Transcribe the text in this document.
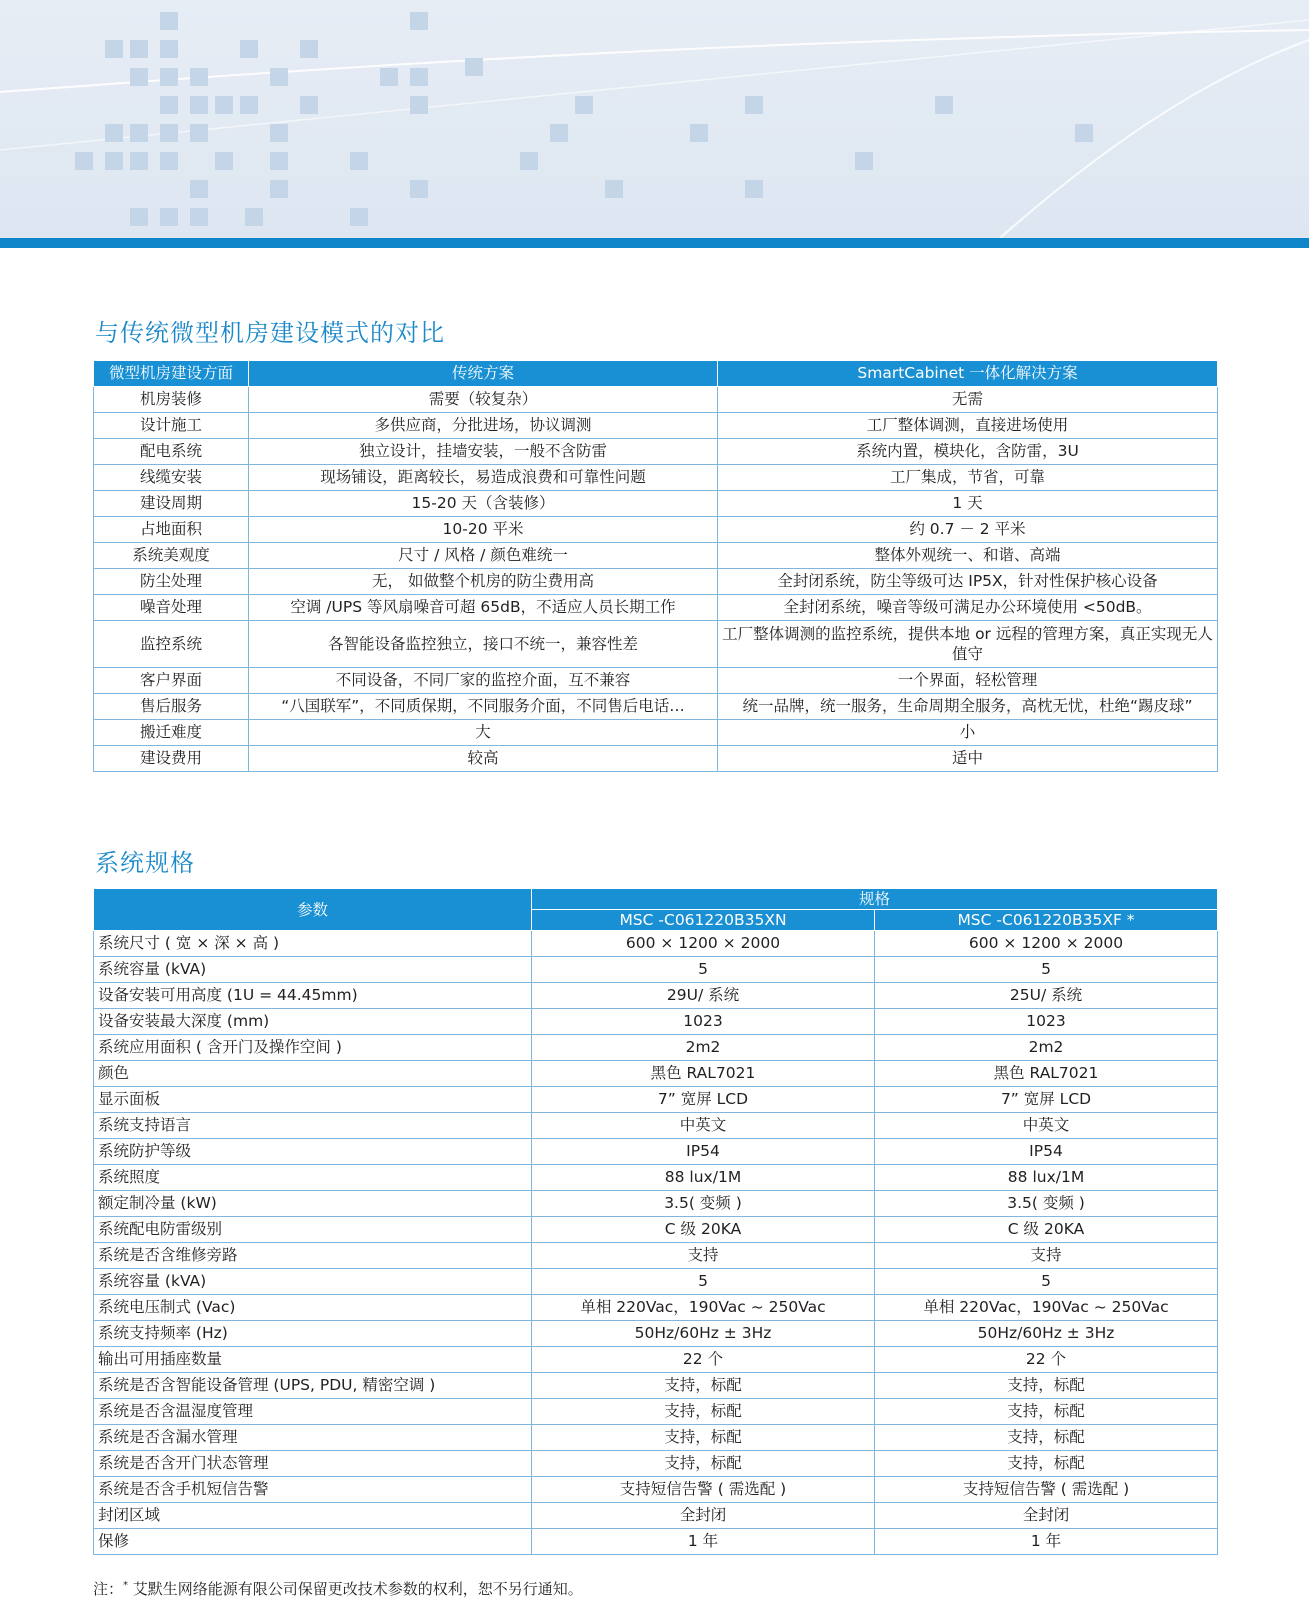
与传统微型机房建设模式的对比
微型机房建设方面	传统方案	SmartCabinet 一体化解决方案
机房装修	需要（较复杂）	无需
设计施工	多供应商，分批进场，协议调测	工厂整体调测，直接进场使用
配电系统	独立设计，挂墙安装，一般不含防雷	系统内置，模块化，含防雷，3U
线缆安装	现场铺设，距离较长，易造成浪费和可靠性问题	工厂集成，节省，可靠
建设周期	15-20 天（含装修）	1 天
占地面积	10-20 平米	约 0.7 － 2 平米
系统美观度	尺寸 / 风格 / 颜色难统一	整体外观统一、和谐、高端
防尘处理	无， 如做整个机房的防尘费用高	全封闭系统，防尘等级可达 IP5X，针对性保护核心设备
噪音处理	空调 /UPS 等风扇噪音可超 65dB，不适应人员长期工作	全封闭系统，噪音等级可满足办公环境使用 <50dB。
监控系统	各智能设备监控独立，接口不统一，兼容性差	工厂整体调测的监控系统，提供本地 or 远程的管理方案，真正实现无人值守
客户界面	不同设备，不同厂家的监控介面，互不兼容	一个界面，轻松管理
售后服务	“八国联军”，不同质保期，不同服务介面，不同售后电话…	统一品牌，统一服务，生命周期全服务，高枕无忧，杜绝“踢皮球”
搬迁难度	大	小
建设费用	较高	适中
系统规格
参数	规格	
	MSC -C061220B35XN	MSC -C061220B35XF *
系统尺寸 ( 宽 × 深 × 高 )	600 × 1200 × 2000	600 × 1200 × 2000
系统容量 (kVA)	5	5
设备安装可用高度 (1U = 44.45mm)	29U/ 系统	25U/ 系统
设备安装最大深度 (mm)	1023	1023
系统应用面积 ( 含开门及操作空间 )	2m2	2m2
颜色	黑色 RAL7021	黑色 RAL7021
显示面板	7” 宽屏 LCD	7” 宽屏 LCD
系统支持语言	中英文	中英文
系统防护等级	IP54	IP54
系统照度	88 lux/1M	88 lux/1M
额定制冷量 (kW)	3.5( 变频 )	3.5( 变频 )
系统配电防雷级别	C 级 20KA	C 级 20KA
系统是否含维修旁路	支持	支持
系统容量 (kVA)	5	5
系统电压制式 (Vac)	单相 220Vac，190Vac ~ 250Vac	单相 220Vac，190Vac ~ 250Vac
系统支持频率 (Hz)	50Hz/60Hz ± 3Hz	50Hz/60Hz ± 3Hz
输出可用插座数量	22 个	22 个
系统是否含智能设备管理 (UPS, PDU, 精密空调 )	支持，标配	支持，标配
系统是否含温湿度管理	支持，标配	支持，标配
系统是否含漏水管理	支持，标配	支持，标配
系统是否含开门状态管理	支持，标配	支持，标配
系统是否含手机短信告警	支持短信告警 ( 需选配 )	支持短信告警 ( 需选配 )
封闭区域	全封闭	全封闭
保修	1 年	1 年
注：* 艾默生网络能源有限公司保留更改技术参数的权利，恕不另行通知。
